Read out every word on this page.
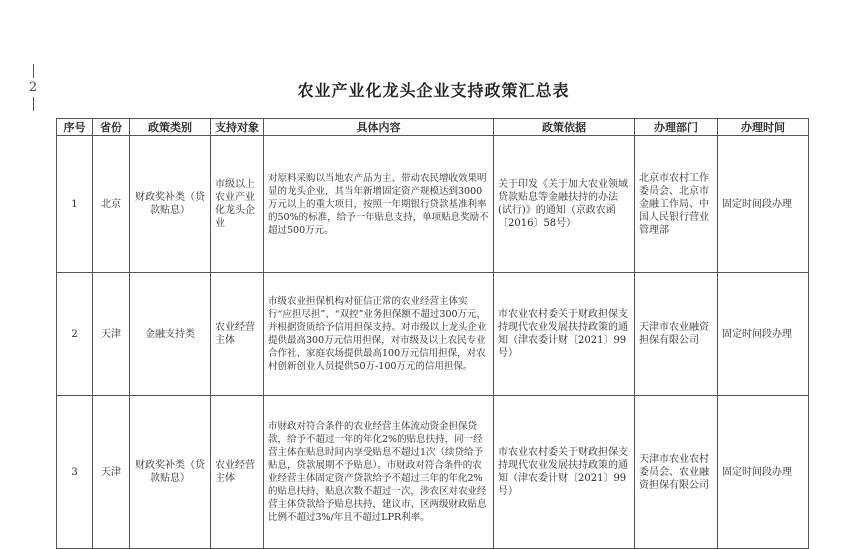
2	农业产业化龙头企业支持政策汇总表
序号	省份	政策类别	支持对象	具体内容	政策依据	办理部门	办理时间
1	北京	财政奖补类（贷款贴息）	市级以上农业产业化龙头企业	对原料采购以当地农产品为主、带动农民增收效果明显的龙头企业，其当年新增固定资产规模达到3000万元以上的重大项目，按照一年期银行贷款基准利率的50%的标准，给予一年贴息支持，单项贴息奖励不超过500万元。	关于印发《关于加大农业领域贷款贴息等金融扶持的办法(试行)》的通知（京政农函〔2016〕58号）	北京市农村工作委员会、北京市金融工作局、中国人民银行营业管理部	固定时间段办理
2	天津	金融支持类	农业经营主体	市级农业担保机构对征信正常的农业经营主体实行“应担尽担”、“双控”业务担保额不超过300万元，并根据资质给予信用担保支持。对市级以上龙头企业提供最高300万元信用担保，对市级及以上农民专业合作社、家庭农场提供最高100万元信用担保，对农村创新创业人员提供50万-100万元的信用担保。	市农业农村委关于财政担保支持现代农业发展扶持政策的通知（津农委计财〔2021〕99号）	天津市农业融资担保有限公司	固定时间段办理
3	天津	财政奖补类（贷款贴息）	农业经营主体	市财政对符合条件的农业经营主体流动资金担保贷款，给予不超过一年的年化2%的贴息扶持，同一经营主体在贴息时间内享受贴息不超过1次（续贷给予贴息，贷款展期不予贴息）。市财政对符合条件的农业经营主体固定资产贷款给予不超过三年的年化2%的贴息扶持，贴息次数不超过一次，涉农区对农业经营主体贷款给予贴息扶持，建议市、区两级财政贴息比例不超过3%/年且不超过LPR利率。	市农业农村委关于财政担保支持现代农业发展扶持政策的通知（津农委计财〔2021〕99号）	天津市农业农村委员会、农业融资担保有限公司	固定时间段办理
